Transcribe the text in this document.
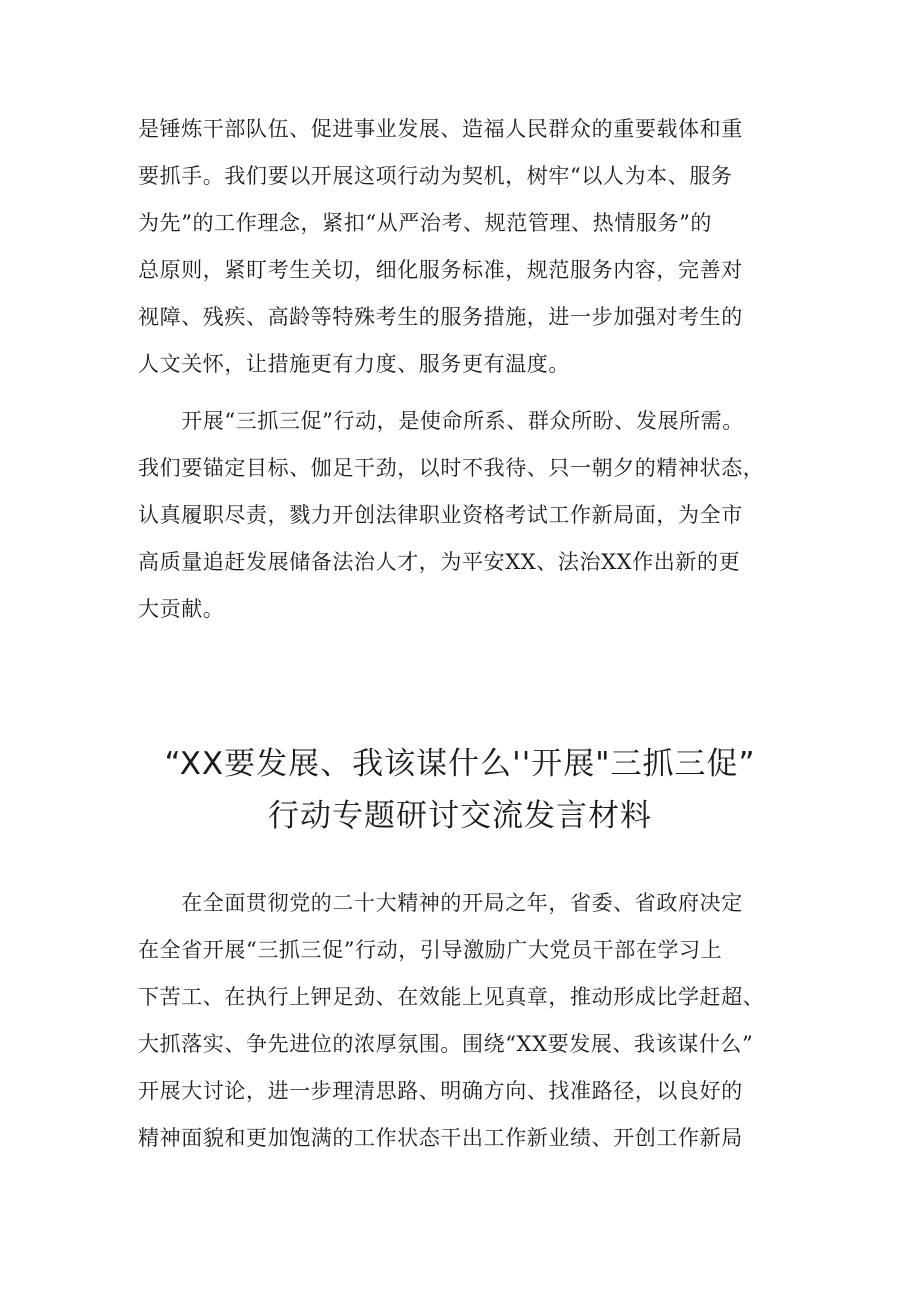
是锤炼干部队伍、促进事业发展、造福人民群众的重要载体和重
要抓手。我们要以开展这项行动为契机，树牢“以人为本、服务
为先”的工作理念，紧扣“从严治考、规范管理、热情服务”的
总原则，紧盯考生关切，细化服务标准，规范服务内容，完善对
视障、残疾、高龄等特殊考生的服务措施，进一步加强对考生的
人文关怀，让措施更有力度、服务更有温度。
　　开展“三抓三促”行动，是使命所系、群众所盼、发展所需。
我们要锚定目标、伽足干劲，以时不我待、只一朝夕的精神状态，
认真履职尽责，戮力开创法律职业资格考试工作新局面，为全市
高质量追赶发展储备法治人才，为平安XX、法治XX作出新的更
大贡献。
“XX要发展、我该谋什么''开展"三抓三促”
行动专题研讨交流发言材料
　　在全面贯彻党的二十大精神的开局之年，省委、省政府决定
在全省开展“三抓三促”行动，引导激励广大党员干部在学习上
下苦工、在执行上钾足劲、在效能上见真章，推动形成比学赶超、
大抓落实、争先进位的浓厚氛围。围绕“XX要发展、我该谋什么”
开展大讨论，进一步理清思路、明确方向、找准路径，以良好的
精神面貌和更加饱满的工作状态干出工作新业绩、开创工作新局
